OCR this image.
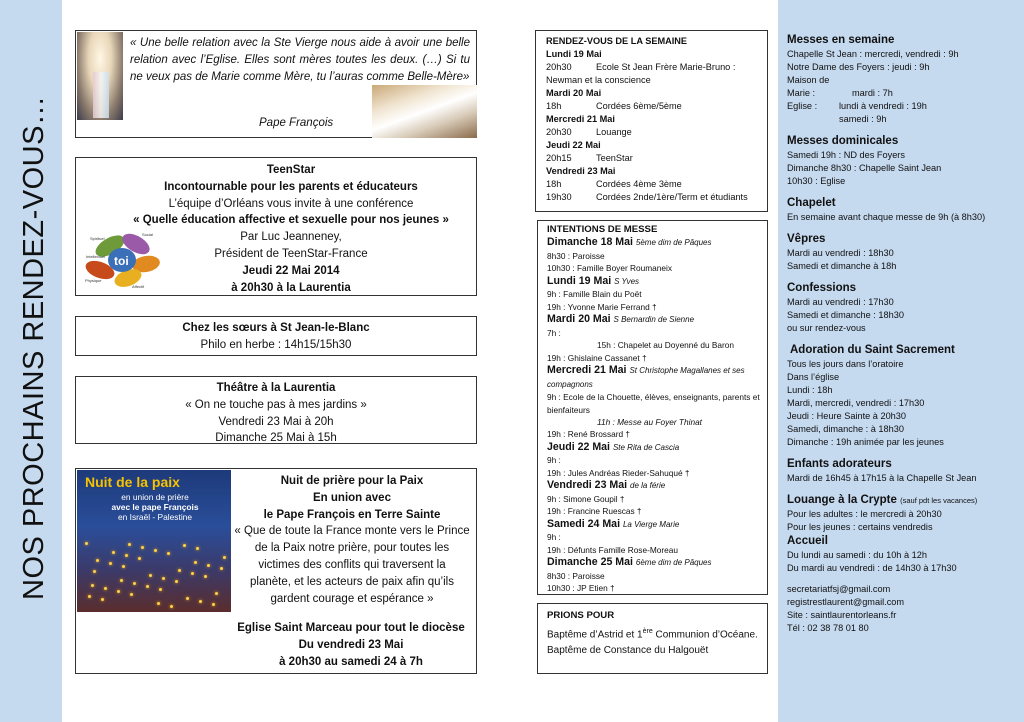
NOS PROCHAINS RENDEZ-VOUS…
« Une belle relation avec la Ste Vierge nous aide à avoir une belle relation avec l’Eglise. Elles sont mères toutes les deux. (…) Si tu ne veux pas de Marie comme Mère, tu l’auras comme Belle-Mère»
Pape François
TeenStar
Incontournable pour les parents et éducateurs
L’équipe d’Orléans vous invite à une conférence
« Quelle éducation affective et sexuelle pour nos jeunes »
Par Luc Jeanneney,
Président de TeenStar-France
Jeudi 22 Mai 2014
à 20h30 à la Laurentia
toi
Spirituel
Social
Intellectuel
Physique
Affectif
Chez les sœurs à St Jean-le-Blanc
Philo en herbe : 14h15/15h30
Théâtre à la Laurentia
« On ne touche pas à mes jardins »
Vendredi 23 Mai à 20h
Dimanche 25 Mai à 15h
Nuit de la paix
en union de prière
avec le pape François
en Israël - Palestine
Nuit de prière pour la Paix
En union avec
le Pape François en Terre Sainte
« Que de toute la France monte vers le Prince
de la Paix notre prière, pour toutes les
victimes des conflits qui traversent la
planète, et les acteurs de paix afin qu’ils
gardent courage et espérance »
Eglise Saint Marceau pour tout le diocèse
Du vendredi 23 Mai
à 20h30 au samedi 24 à 7h
RENDEZ-VOUS DE LA SEMAINE
Lundi 19 Mai
20h30	Ecole St Jean Frère Marie-Bruno :
Newman et la conscience
Mardi 20 Mai
18h	Cordées 6ème/5ème
Mercredi 21 Mai
20h30	Louange
Jeudi 22 Mai
20h15	TeenStar
Vendredi 23 Mai
18h	Cordées 4ème 3ème
19h30	Cordées 2nde/1ère/Term et étudiants
INTENTIONS DE MESSE
Dimanche 18 Mai 5ème dim de Pâques
8h30 : Paroisse
10h30 : Famille Boyer Roumaneix
Lundi 19 Mai S Yves
9h : Famille Blain du Poët
19h : Yvonne Marie Ferrand †
Mardi 20 Mai S Bernardin de Sienne
7h :
15h : Chapelet au Doyenné du Baron
19h : Ghislaine Cassanet †
Mercredi 21 Mai St Christophe Magallanes et ses compagnons
9h : Ecole de la Chouette, élèves, enseignants, parents et bienfaiteurs
11h : Messe au Foyer Thinat
19h : René Brossard †
Jeudi 22 Mai Ste Rita de Cascia
9h :
19h : Jules Andréas Rieder-Sahuqué †
Vendredi 23 Mai de la férie
9h : Simone Goupil †
19h : Francine Ruescas †
Samedi 24 Mai La Vierge Marie
9h :
19h : Défunts Famille Rose-Moreau
Dimanche 25 Mai 6ème dim de Pâques
8h30 : Paroisse
10h30 : JP Etien †
PRIONS POUR
Baptême d’Astrid et 1ère Communion d’Océane.
Baptême de Constance du Halgouët
Messes en semaine
Chapelle St Jean : mercredi, vendredi : 9h
Notre Dame des Foyers : jeudi : 9h
Maison de Marie :	mardi : 7h
Eglise : lundi à vendredi : 19h
samedi : 9h
Messes dominicales
Samedi 19h : ND des Foyers
Dimanche 8h30 : Chapelle Saint Jean
10h30 : Eglise
Chapelet
En semaine avant chaque messe de 9h (à 8h30)
Vêpres
Mardi au vendredi : 18h30
Samedi et dimanche à 18h
Confessions
Mardi au vendredi : 17h30
Samedi et dimanche : 18h30
ou sur rendez-vous
Adoration du Saint Sacrement
Tous les jours dans l’oratoire
Dans l’église
Lundi : 18h
Mardi, mercredi, vendredi : 17h30
Jeudi : Heure Sainte à 20h30
Samedi, dimanche : à 18h30
Dimanche : 19h animée par les jeunes
Enfants adorateurs
Mardi de 16h45 à 17h15 à la Chapelle St Jean
Louange à la Crypte (sauf pdt les vacances)
Pour les adultes : le mercredi à 20h30
Pour les jeunes : certains vendredis
Accueil
Du lundi au samedi : du 10h à 12h
Du mardi au vendredi : de 14h30 à 17h30
secretariatfsj@gmail.com
registrestlaurent@gmail.com
Site : saintlaurentorleans.fr
Tél : 02 38 78 01 80
